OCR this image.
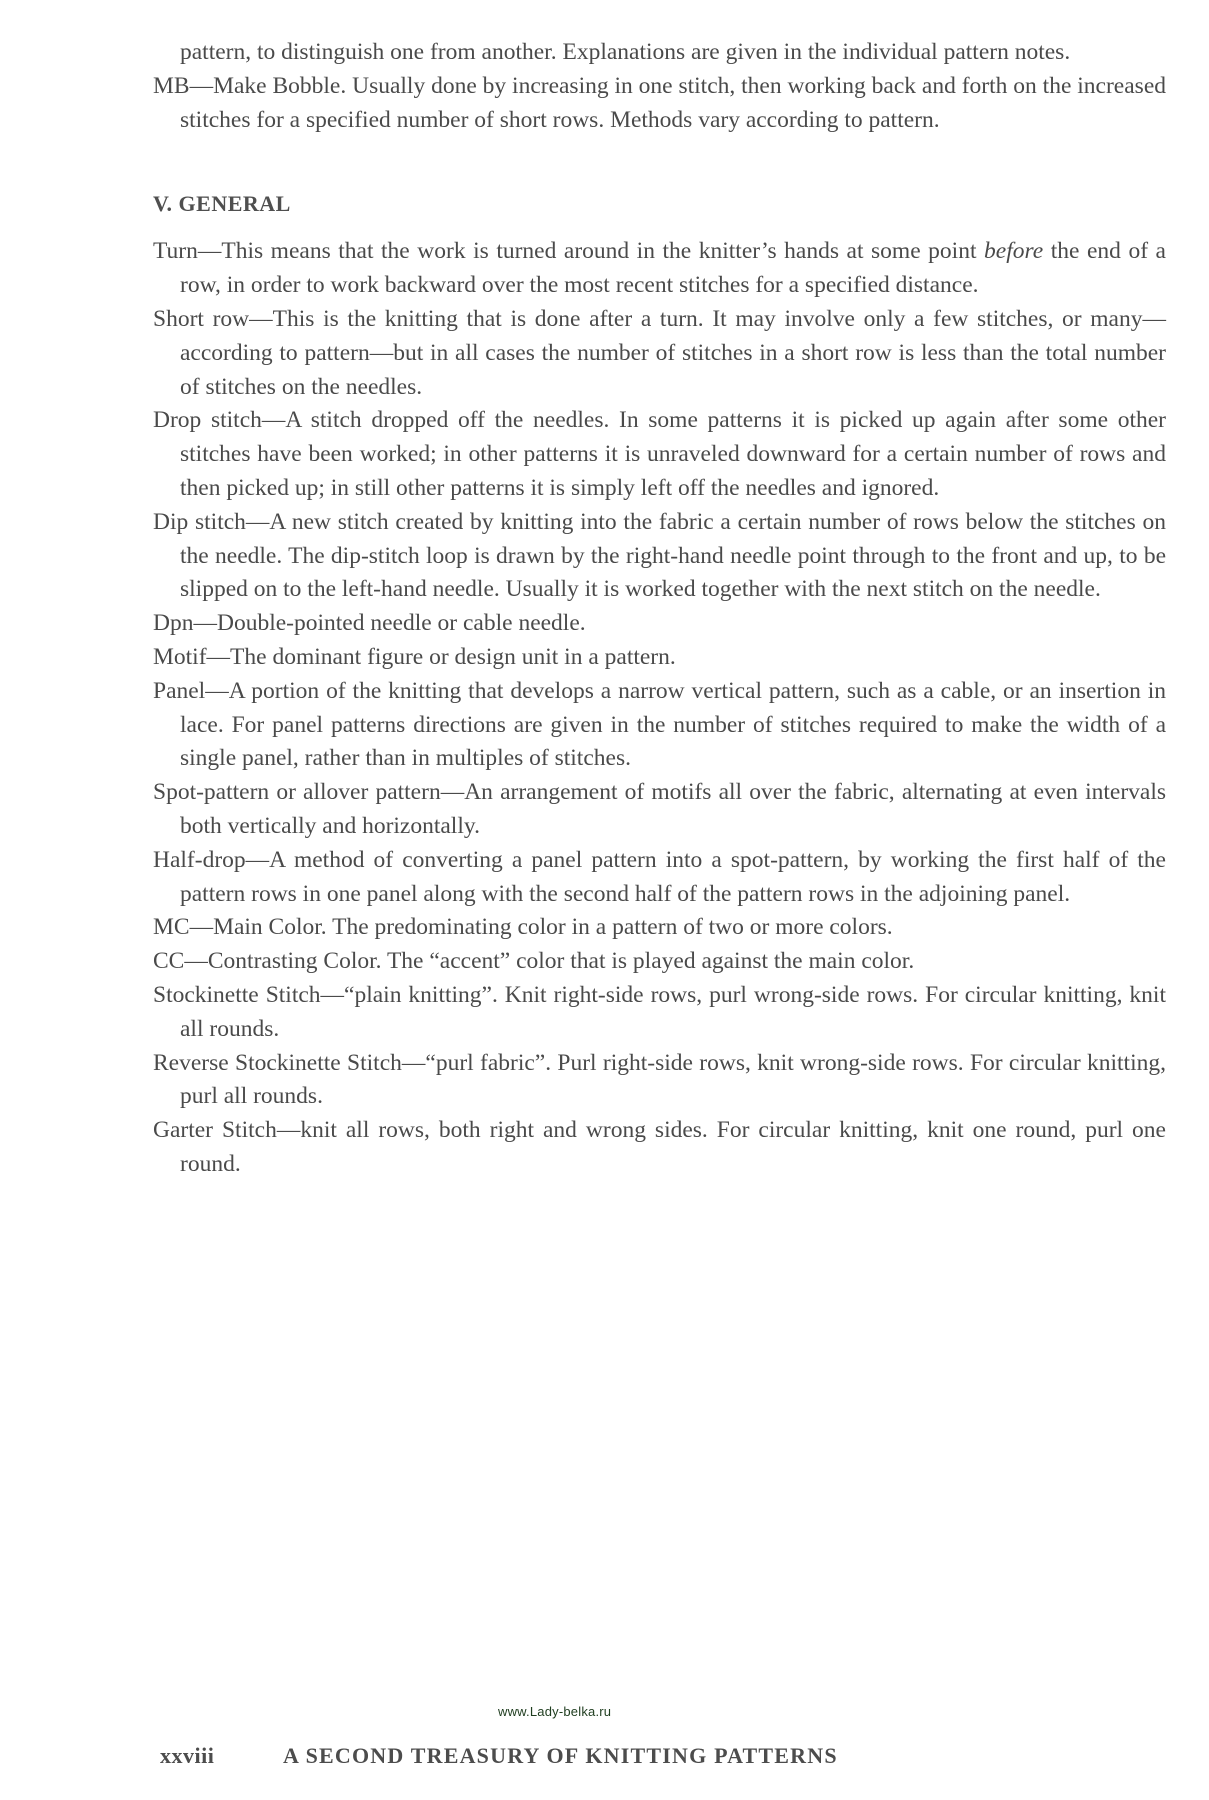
pattern, to distinguish one from another. Explanations are given in the individual pattern notes.

MB—Make Bobble. Usually done by increasing in one stitch, then working back and forth on the increased stitches for a specified number of short rows. Methods vary according to pattern.

V. GENERAL

Turn—This means that the work is turned around in the knitter’s hands at some point before the end of a row, in order to work backward over the most recent stitches for a specified distance.

Short row—This is the knitting that is done after a turn. It may involve only a few stitches, or many—according to pattern—but in all cases the number of stitches in a short row is less than the total number of stitches on the needles.

Drop stitch—A stitch dropped off the needles. In some patterns it is picked up again after some other stitches have been worked; in other patterns it is unraveled downward for a certain number of rows and then picked up; in still other patterns it is simply left off the needles and ignored.

Dip stitch—A new stitch created by knitting into the fabric a certain number of rows below the stitches on the needle. The dip-stitch loop is drawn by the right-hand needle point through to the front and up, to be slipped on to the left-hand needle. Usually it is worked together with the next stitch on the needle.

Dpn—Double-pointed needle or cable needle.

Motif—The dominant figure or design unit in a pattern.

Panel—A portion of the knitting that develops a narrow vertical pattern, such as a cable, or an insertion in lace. For panel patterns directions are given in the number of stitches required to make the width of a single panel, rather than in multiples of stitches.

Spot-pattern or allover pattern—An arrangement of motifs all over the fabric, alternating at even intervals both vertically and horizontally.

Half-drop—A method of converting a panel pattern into a spot-pattern, by working the first half of the pattern rows in one panel along with the second half of the pattern rows in the adjoining panel.

MC—Main Color. The predominating color in a pattern of two or more colors.

CC—Contrasting Color. The “accent” color that is played against the main color.

Stockinette Stitch—“plain knitting”. Knit right-side rows, purl wrong-side rows. For circular knitting, knit all rounds.

Reverse Stockinette Stitch—“purl fabric”. Purl right-side rows, knit wrong-side rows. For circular knitting, purl all rounds.

Garter Stitch—knit all rows, both right and wrong sides. For circular knitting, knit one round, purl one round.

www.Lady-belka.ru
xxviii	A SECOND TREASURY OF KNITTING PATTERNS
